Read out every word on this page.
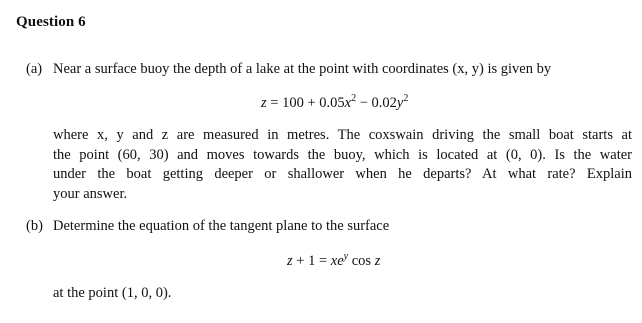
Question 6
(a) Near a surface buoy the depth of a lake at the point with coordinates (x, y) is given by
$z = 100 + 0.05x^2 - 0.02y^2$
where x, y and z are measured in metres. The coxswain driving the small boat starts at
the point (60, 30) and moves towards the buoy, which is located at (0, 0). Is the water
under the boat getting deeper or shallower when he departs? At what rate? Explain
your answer.
(b) Determine the equation of the tangent plane to the surface
$z + 1 = xe^y$ cos z
at the point (1, 0, 0).
